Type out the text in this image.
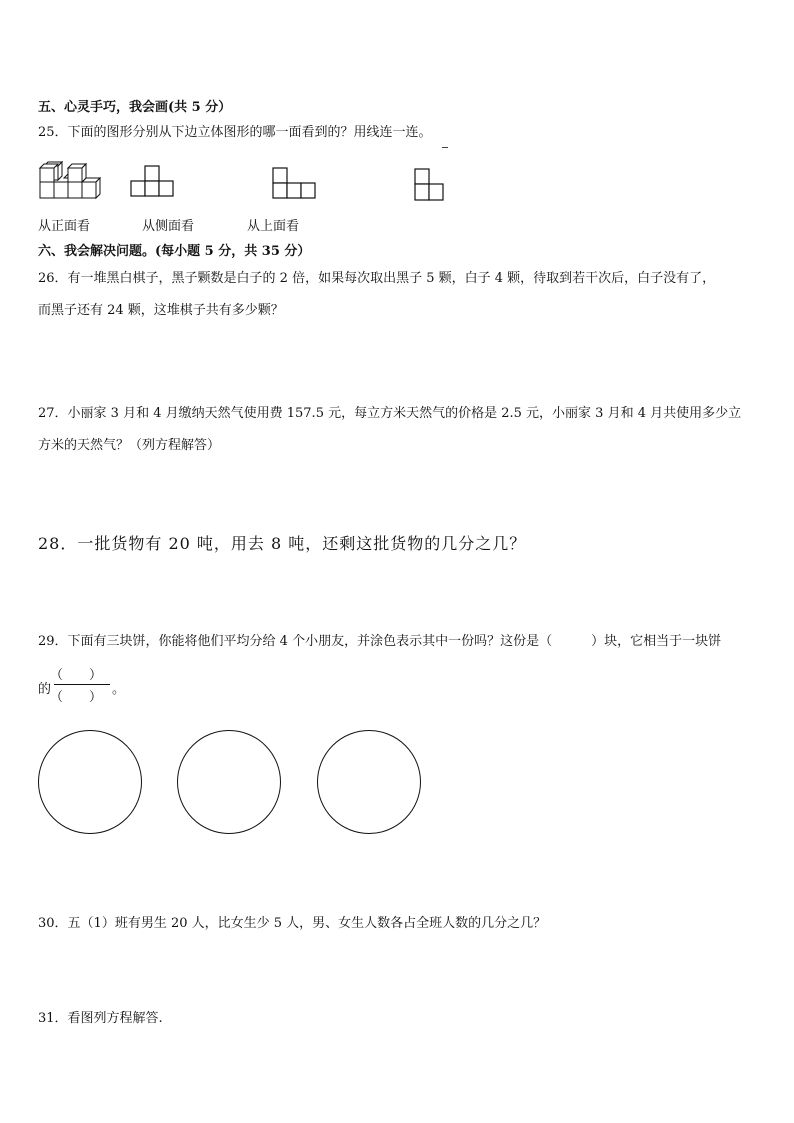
五、心灵手巧，我会画(共 5 分）
25．下面的图形分别从下边立体图形的哪一面看到的？用线连一连。
从正面看	从侧面看	从上面看
六、我会解决问题。(每小题 5 分，共 35 分）
26．有一堆黑白棋子，黑子颗数是白子的 2 倍，如果每次取出黑子 5 颗，白子 4 颗，待取到若干次后，白子没有了，
而黑子还有 24 颗，这堆棋子共有多少颗？
27．小丽家 3 月和 4 月缴纳天然气使用费 157.5 元，每立方米天然气的价格是 2.5 元，小丽家 3 月和 4 月共使用多少立
方米的天然气？（列方程解答）
28．一批货物有 20 吨，用去 8 吨，还剩这批货物的几分之几？
29．下面有三块饼，你能将他们平均分给 4 个小朋友，并涂色表示其中一份吗？这份是（　　　）块，它相当于一块饼
的
（　　）
（　　）
。
30．五（1）班有男生 20 人，比女生少 5 人，男、女生人数各占全班人数的几分之几？
31．看图列方程解答.
